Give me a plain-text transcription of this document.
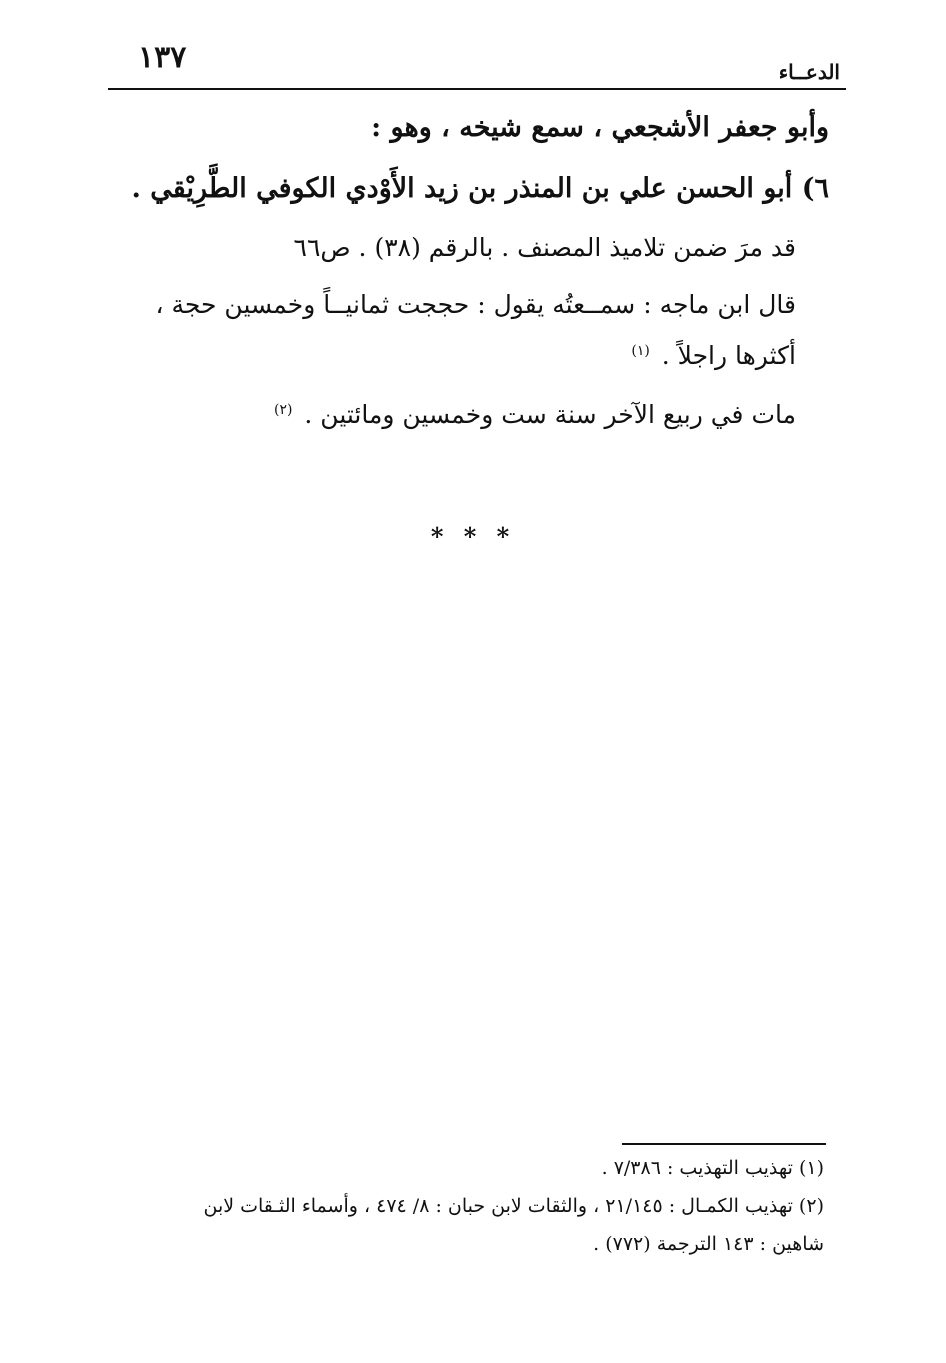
١٣٧	الدعــاء
وأبو جعفر الأشجعي ، سمع شيخه ، وهو :
٦) أبو الحسن علي بن المنذر بن زيد الأَوْدي الكوفي الطَّرِيْقي .
قد مرَ ضمن تلاميذ المصنف . بالرقم (٣٨) . ص٦٦
قال ابن ماجه : سمــعتُه يقول : حججت ثمانيــاً وخمسين حجة ،
أكثرها راجلاً . $^{(١)}$
مات في ربيع الآخر سنة ست وخمسين ومائتين . $^{(٢)}$
* * *
(١) تهذيب التهذيب : ٧/٣٨٦ .
(٢) تهذيب الكمـال : ٢١/١٤٥ ، والثقات لابن حبان : ٨/ ٤٧٤ ، وأسماء الثـقات لابن
شاهين : ١٤٣ الترجمة (٧٧٢) .
